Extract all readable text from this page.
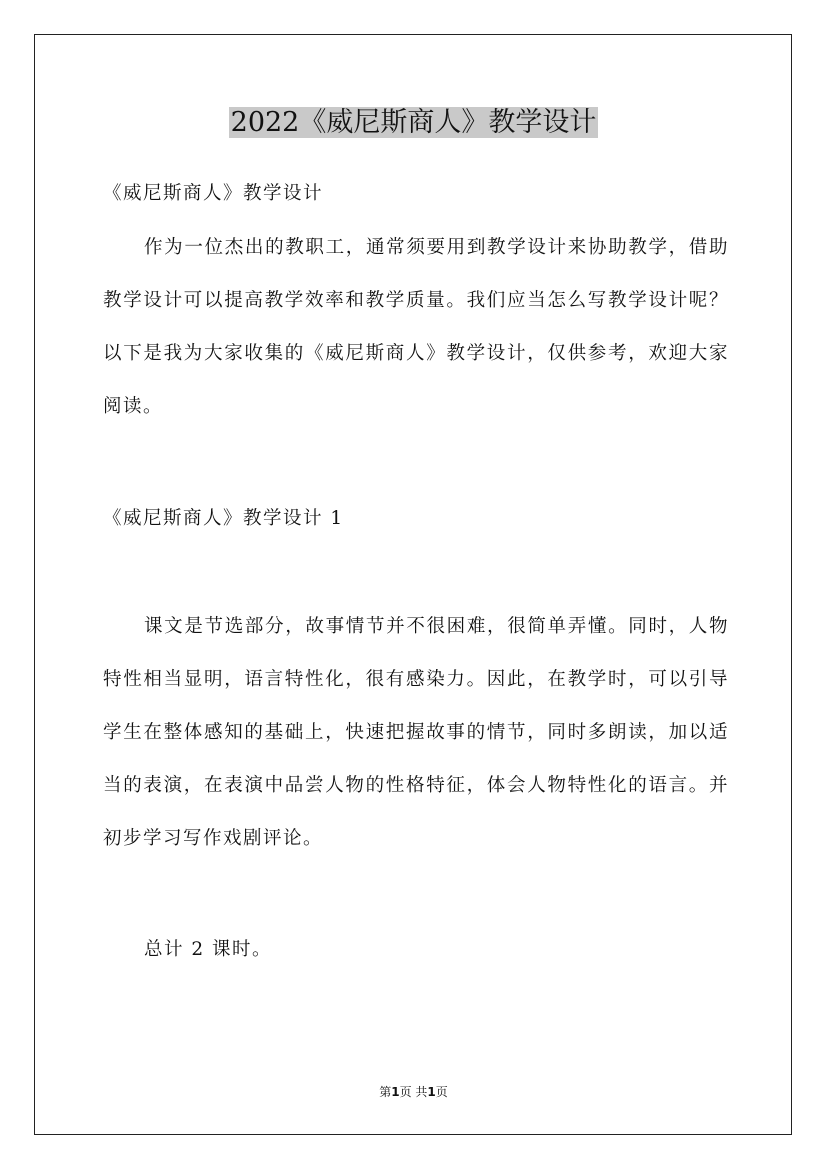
2022《威尼斯商人》教学设计
《威尼斯商人》教学设计
作为一位杰出的教职工，通常须要用到教学设计来协助教学，借助教学设计可以提高教学效率和教学质量。我们应当怎么写教学设计呢？以下是我为大家收集的《威尼斯商人》教学设计，仅供参考，欢迎大家阅读。
《威尼斯商人》教学设计 1
课文是节选部分，故事情节并不很困难，很简单弄懂。同时，人物特性相当显明，语言特性化，很有感染力。因此，在教学时，可以引导学生在整体感知的基础上，快速把握故事的情节，同时多朗读，加以适当的表演，在表演中品尝人物的性格特征，体会人物特性化的语言。并初步学习写作戏剧评论。
总计 2 课时。
第1页 共1页
